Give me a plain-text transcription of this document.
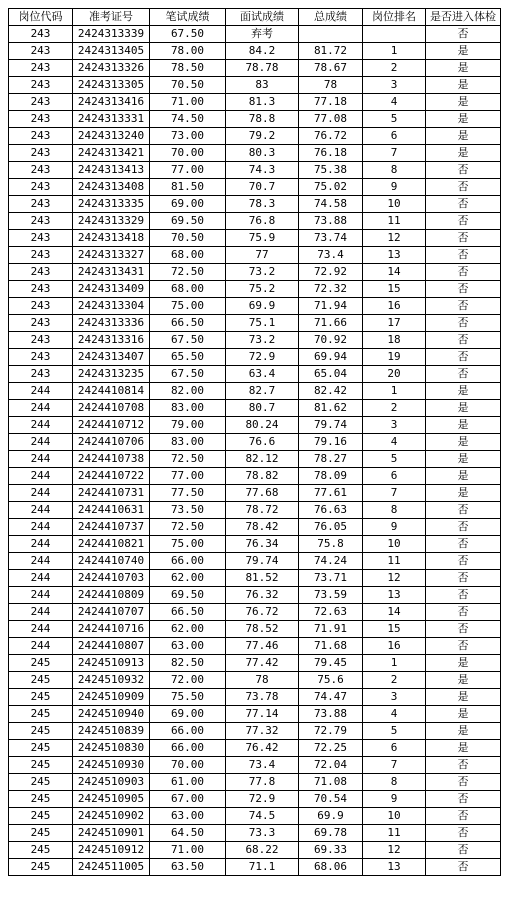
岗位代码	准考证号	笔试成绩	面试成绩	总成绩	岗位排名	是否进入体检
243	2424313339	67.50	弃考			否
243	2424313405	78.00	84.2	81.72	1	是
243	2424313326	78.50	78.78	78.67	2	是
243	2424313305	70.50	83	78	3	是
243	2424313416	71.00	81.3	77.18	4	是
243	2424313331	74.50	78.8	77.08	5	是
243	2424313240	73.00	79.2	76.72	6	是
243	2424313421	70.00	80.3	76.18	7	是
243	2424313413	77.00	74.3	75.38	8	否
243	2424313408	81.50	70.7	75.02	9	否
243	2424313335	69.00	78.3	74.58	10	否
243	2424313329	69.50	76.8	73.88	11	否
243	2424313418	70.50	75.9	73.74	12	否
243	2424313327	68.00	77	73.4	13	否
243	2424313431	72.50	73.2	72.92	14	否
243	2424313409	68.00	75.2	72.32	15	否
243	2424313304	75.00	69.9	71.94	16	否
243	2424313336	66.50	75.1	71.66	17	否
243	2424313316	67.50	73.2	70.92	18	否
243	2424313407	65.50	72.9	69.94	19	否
243	2424313235	67.50	63.4	65.04	20	否
244	2424410814	82.00	82.7	82.42	1	是
244	2424410708	83.00	80.7	81.62	2	是
244	2424410712	79.00	80.24	79.74	3	是
244	2424410706	83.00	76.6	79.16	4	是
244	2424410738	72.50	82.12	78.27	5	是
244	2424410722	77.00	78.82	78.09	6	是
244	2424410731	77.50	77.68	77.61	7	是
244	2424410631	73.50	78.72	76.63	8	否
244	2424410737	72.50	78.42	76.05	9	否
244	2424410821	75.00	76.34	75.8	10	否
244	2424410740	66.00	79.74	74.24	11	否
244	2424410703	62.00	81.52	73.71	12	否
244	2424410809	69.50	76.32	73.59	13	否
244	2424410707	66.50	76.72	72.63	14	否
244	2424410716	62.00	78.52	71.91	15	否
244	2424410807	63.00	77.46	71.68	16	否
245	2424510913	82.50	77.42	79.45	1	是
245	2424510932	72.00	78	75.6	2	是
245	2424510909	75.50	73.78	74.47	3	是
245	2424510940	69.00	77.14	73.88	4	是
245	2424510839	66.00	77.32	72.79	5	是
245	2424510830	66.00	76.42	72.25	6	是
245	2424510930	70.00	73.4	72.04	7	否
245	2424510903	61.00	77.8	71.08	8	否
245	2424510905	67.00	72.9	70.54	9	否
245	2424510902	63.00	74.5	69.9	10	否
245	2424510901	64.50	73.3	69.78	11	否
245	2424510912	71.00	68.22	69.33	12	否
245	2424511005	63.50	71.1	68.06	13	否
